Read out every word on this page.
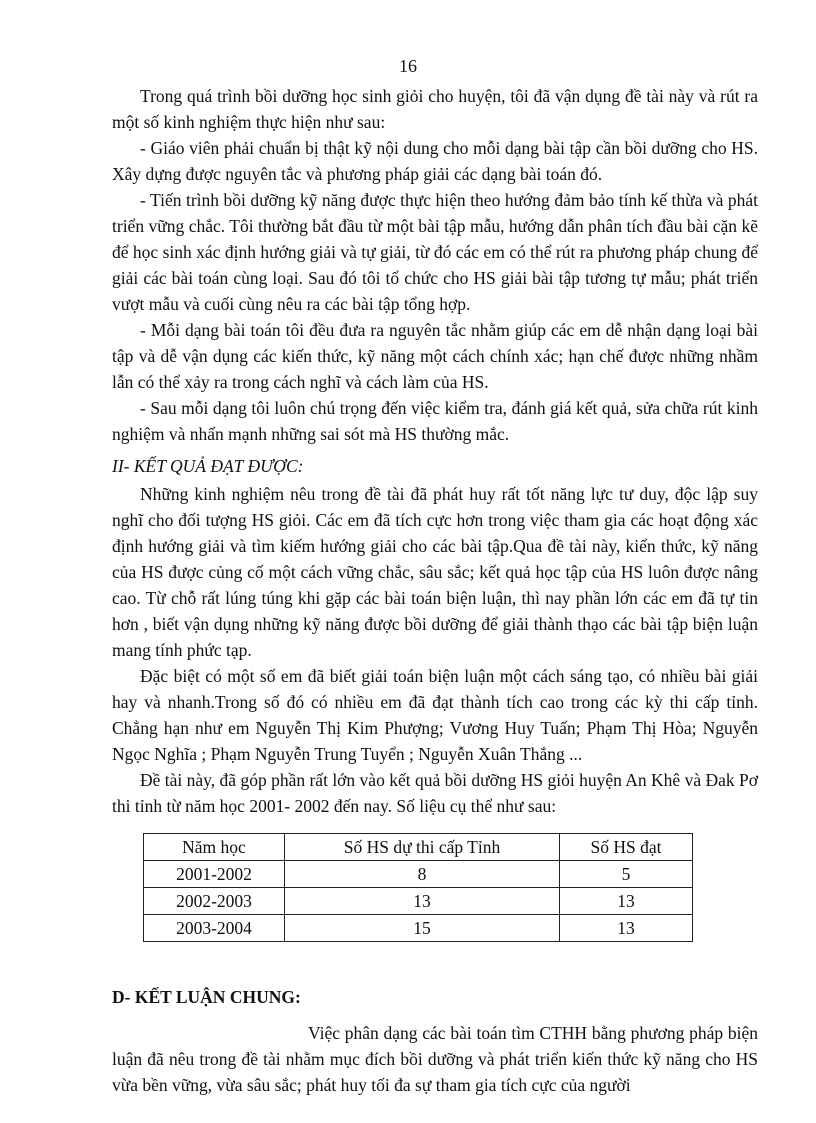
16

Trong quá trình bồi dưỡng học sinh giỏi cho huyện, tôi đã vận dụng đề tài này và rút ra một số kinh nghiệm thực hiện như sau:

- Giáo viên phải chuẩn bị thật kỹ nội dung cho mỗi dạng bài tập cần bồi dưỡng cho HS. Xây dựng được nguyên tắc và phương pháp giải các dạng bài toán đó.

- Tiến trình bồi dưỡng kỹ năng được thực hiện theo hướng đảm bảo tính kế thừa và phát triển vững chắc. Tôi thường bắt đầu từ một bài tập mẫu, hướng dẫn phân tích đầu bài cặn kẽ để học sinh xác định hướng giải và tự giải, từ đó các em có thể rút ra phương pháp chung để giải các bài toán cùng loại. Sau đó tôi tổ chức cho HS giải bài tập tương tự mẫu; phát triển vượt mẫu và cuối cùng nêu ra các bài tập tổng hợp.

- Mỗi dạng bài toán tôi đều đưa ra nguyên tắc nhằm giúp các em dễ nhận dạng loại bài tập và dễ vận dụng các kiến thức, kỹ năng một cách chính xác; hạn chế được những nhầm lẫn có thể xảy ra trong cách nghĩ và cách làm của HS.

- Sau mỗi dạng tôi luôn chú trọng đến việc kiểm tra, đánh giá kết quả, sửa chữa rút kinh nghiệm và nhấn mạnh những sai sót mà HS thường mắc.

II- KẾT QUẢ ĐẠT ĐƯỢC:

Những kinh nghiệm nêu trong đề tài đã phát huy rất tốt năng lực tư duy, độc lập suy nghĩ cho đối tượng HS giỏi. Các em đã tích cực hơn trong việc tham gia các hoạt động xác định hướng giải và tìm kiếm hướng giải cho các bài tập.Qua đề tài này, kiến thức, kỹ năng của HS được củng cố một cách vững chắc, sâu sắc; kết quả học tập của HS luôn được nâng cao. Từ chỗ rất lúng túng khi gặp các bài toán biện luận, thì nay phần lớn các em đã tự tin hơn , biết vận dụng những kỹ năng được bồi dưỡng để giải thành thạo các bài tập biện luận mang tính phức tạp.

Đặc biệt có một số em đã biết giải toán biện luận một cách sáng tạo, có nhiều bài giải hay và nhanh.Trong số đó có nhiều em đã đạt thành tích cao trong các kỳ thi cấp tỉnh. Chẳng hạn như em Nguyễn Thị Kim Phượng; Vương Huy Tuấn; Phạm Thị Hòa; Nguyễn Ngọc Nghĩa ; Phạm Nguyễn Trung Tuyển ; Nguyễn Xuân Thắng ...

Đề tài này, đã góp phần rất lớn vào kết quả bồi dưỡng HS giỏi huyện An Khê và Đak Pơ thi tỉnh từ năm học 2001- 2002 đến nay. Số liệu cụ thể như sau:

Năm học	Số HS dự thi cấp Tỉnh	Số HS đạt
2001-2002	8	5
2002-2003	13	13
2003-2004	15	13

D- KẾT LUẬN CHUNG:

Việc phân dạng các bài toán tìm CTHH bằng phương pháp biện luận đã nêu trong đề tài nhằm mục đích bồi dưỡng và phát triển kiến thức kỹ năng cho HS vừa bền vững, vừa sâu sắc; phát huy tối đa sự tham gia tích cực của người
